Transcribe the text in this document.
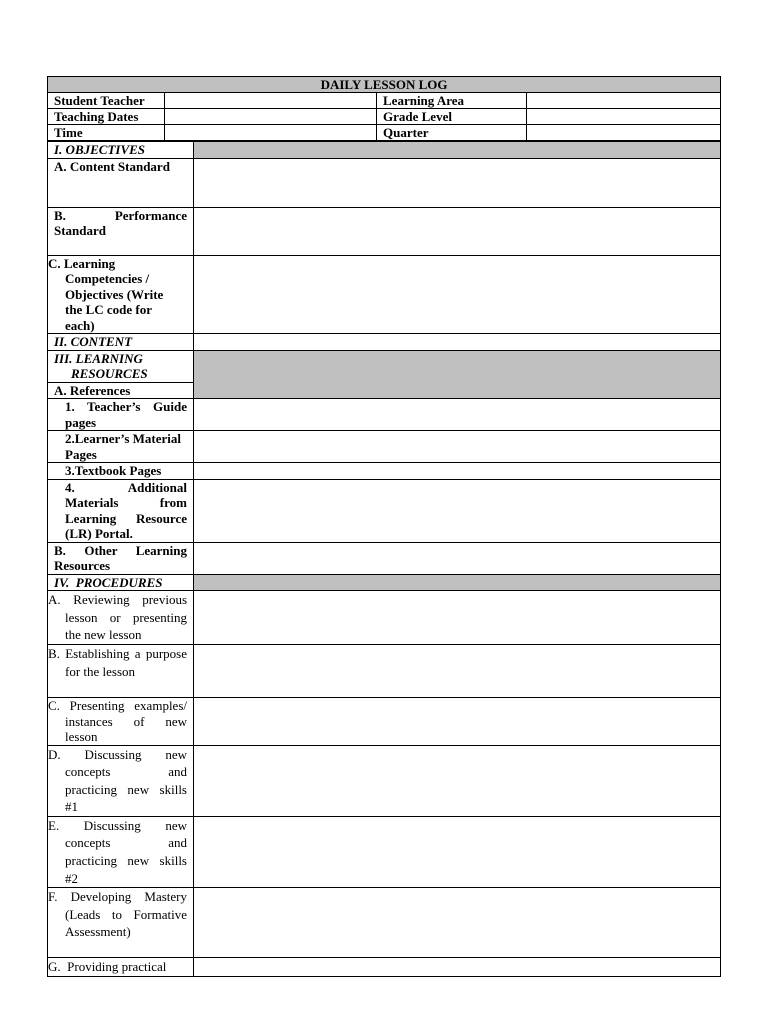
DAILY LESSON LOG			
Student Teacher		Learning Area	
Teaching Dates		Grade Level	
Time		Quarter	
I. OBJECTIVES	
A. Content Standard	

B. Performance
Standard	

C. Learning Competencies / Objectives (Write the LC code for each)	
II. CONTENT	

III. LEARNING
RESOURCES	

A. References	
1. Teacher’s Guide pages	
2.Learner’s Material Pages	
3.Textbook Pages	
4. Additional Materials from Learning Resource (LR) Portal.	
B. Other Learning Resources	
IV.  PROCEDURES	
A. Reviewing previous lesson or presenting the new lesson	
B. Establishing a purpose for the lesson	
C. Presenting examples/ instances of new lesson	
D. Discussing new concepts and practicing new skills #1	
E. Discussing new concepts and practicing new skills #2	
F. Developing Mastery (Leads to Formative Assessment)	
G.  Providing practical	
